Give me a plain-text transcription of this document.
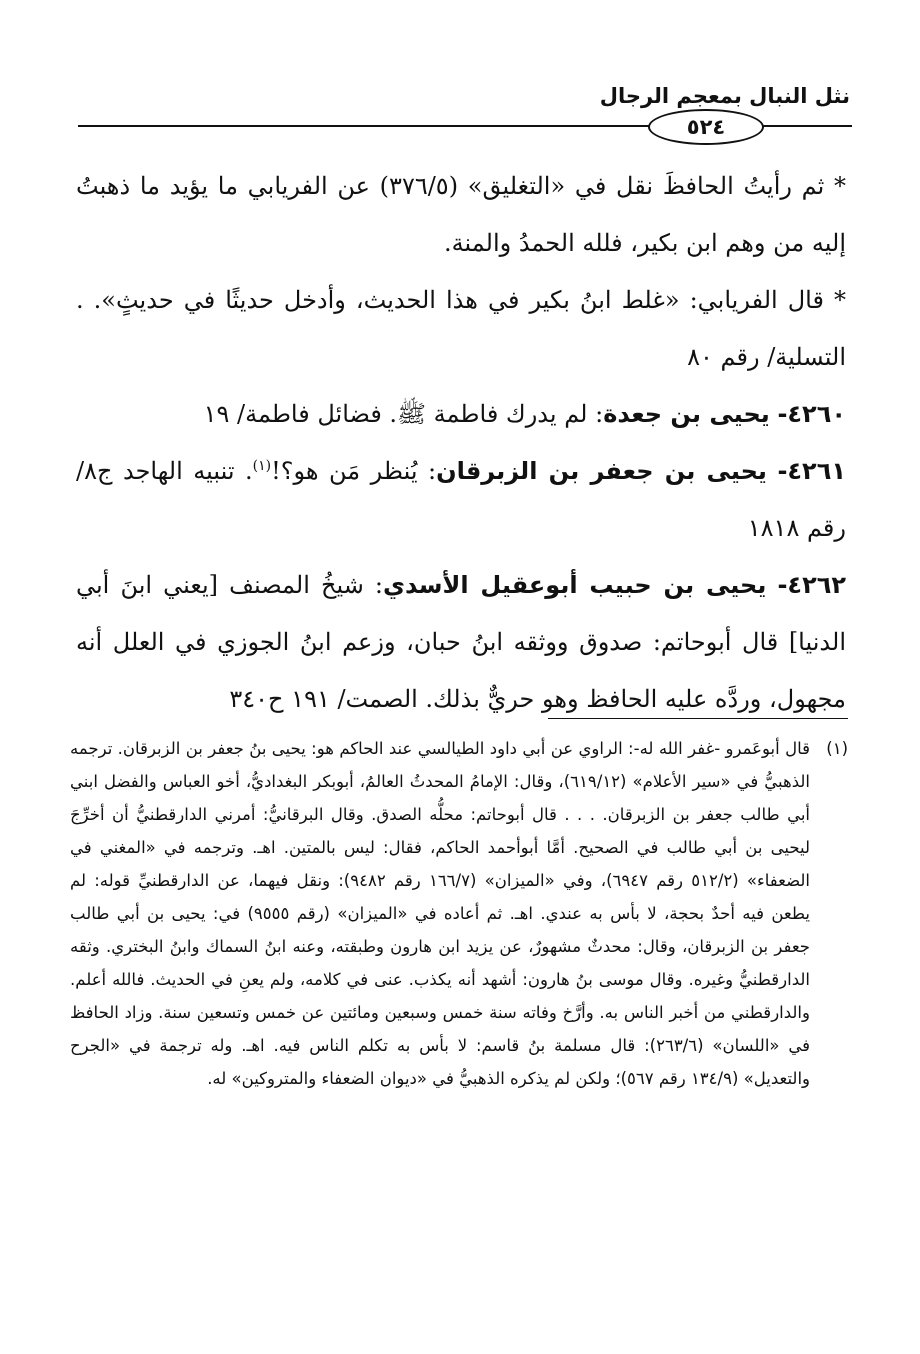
نثل النبال بمعجم الرجال
٥٢٤

* ثم رأيتُ الحافظَ نقل في «التغليق» (٣٧٦/٥) عن الفريابي ما يؤيد ما ذهبتُ إليه من وهم ابن بكير، فلله الحمدُ والمنة.

* قال الفريابي: «غلط ابنُ بكير في هذا الحديث، وأدخل حديثًا في حديثٍ». . التسلية/ رقم ٨٠

٤٢٦٠- يحيى بن جعدة: لم يدرك فاطمة ﷺ. فضائل فاطمة/ ١٩

٤٢٦١- يحيى بن جعفر بن الزبرقان: يُنظر مَن هو؟!$^{(١)}$. تنبيه الهاجد ج٨/ رقم ١٨١٨

٤٢٦٢- يحيى بن حبيب أبوعقيل الأسدي: شيخُ المصنف [يعني ابنَ أبي الدنيا] قال أبوحاتم: صدوق ووثقه ابنُ حبان، وزعم ابنُ الجوزي في العلل أنه مجهول، وردَّه عليه الحافظ وهو حريٌّ بذلك. الصمت/ ١٩١ ح٣٤٠

(١)
قال أبوعَمرو -غفر الله له-: الراوي عن أبي داود الطيالسي عند الحاكم هو: يحيى بنُ جعفر بن الزبرقان. ترجمه الذهبيُّ في «سير الأعلام» (٦١٩/١٢)، وقال: الإمامُ المحدثُ العالمُ، أبوبكر البغداديُّ، أخو العباس والفضل ابني أبي طالب جعفر بن الزبرقان. . . . قال أبوحاتم: محلُّه الصدق. وقال البرقانيُّ: أمرني الدارقطنيُّ أن أخرِّجَ ليحيى بن أبي طالب في الصحيح. أمَّا أبوأحمد الحاكم، فقال: ليس بالمتين. اهـ. وترجمه في «المغني في الضعفاء» (٥١٢/٢ رقم ٦٩٤٧)، وفي «الميزان» (١٦٦/٧ رقم ٩٤٨٢): ونقل فيهما، عن الدارقطنيِّ قوله: لم يطعن فيه أحدٌ بحجة، لا بأس به عندي. اهـ. ثم أعاده في «الميزان» (رقم ٩٥٥٥) في: يحيى بن أبي طالب جعفر بن الزبرقان، وقال: محدثٌ مشهورٌ، عن يزيد ابن هارون وطبقته، وعنه ابنُ السماك وابنُ البختري. وثقه الدارقطنيُّ وغيره. وقال موسى بنُ هارون: أشهد أنه يكذب. عنى في كلامه، ولم يعنِ في الحديث. فالله أعلم. والدارقطني من أخبر الناس به. وأرَّخ وفاته سنة خمس وسبعين ومائتين عن خمس وتسعين سنة. وزاد الحافظ في «اللسان» (٢٦٣/٦): قال مسلمة بنُ قاسم: لا بأس به تكلم الناس فيه. اهـ. وله ترجمة في «الجرح والتعديل» (١٣٤/٩ رقم ٥٦٧)؛ ولكن لم يذكره الذهبيُّ في «ديوان الضعفاء والمتروكين» له.
